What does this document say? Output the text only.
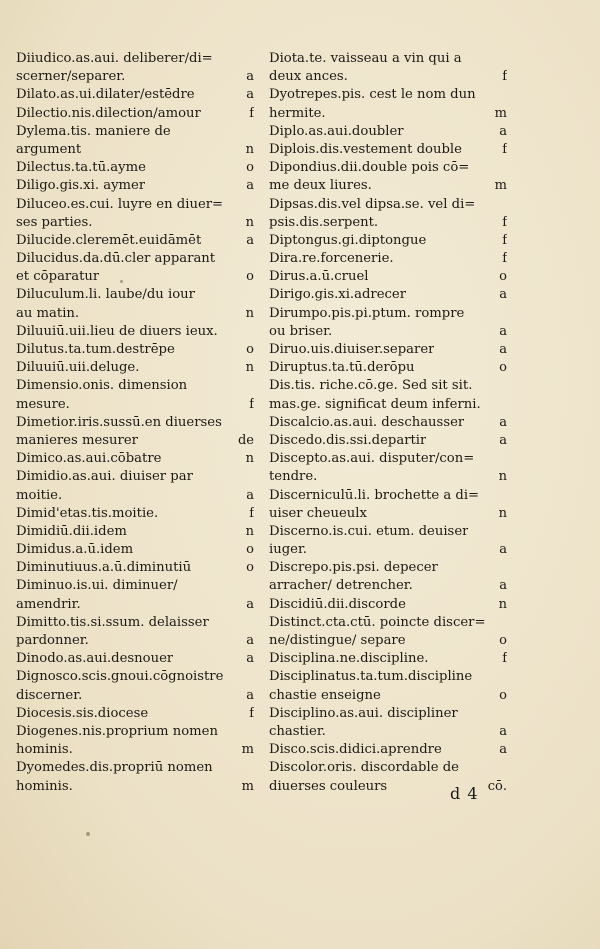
Diiudico.as.aui. deliberer/di=
scerner/separer.	a
Dilato.as.ui.dilater/estēdre	a
Dilectio.nis.dilection/amour	f
Dylema.tis. maniere de
argument	n
Dilectus.ta.tū.ayme	o
Diligo.gis.xi. aymer	a
Diluceo.es.cui. luyre en diuer=
ses parties.	n
Dilucide.cleremēt.euidāmēt	a
Dilucidus.da.dū.cler apparant
et cōparatur	o
Diluculum.li. laube/du iour
au matin.	n
Diluuiū.uii.lieu de diuers ieux.
Dilutus.ta.tum.destrēpe	o
Diluuiū.uii.deluge.	n
Dimensio.onis. dimension
mesure.	f
Dimetior.iris.sussū.en diuerses
manieres mesurer	de
Dimico.as.aui.cōbatre	n
Dimidio.as.aui. diuiser par
moitie.	a
Dimid'etas.tis.moitie.	f
Dimidiū.dii.idem	n
Dimidus.a.ū.idem	o
Diminutiuus.a.ū.diminutiū	o
Diminuo.is.ui. diminuer/
amendrir.	a
Dimitto.tis.si.ssum. delaisser
pardonner.	a
Dinodo.as.aui.desnouer	a
Dignosco.scis.gnoui.cōgnoistre
discerner.	a
Diocesis.sis.diocese	f
Diogenes.nis.proprium nomen
hominis.	m
Dyomedes.dis.propriū nomen
hominis.	m
Diota.te. vaisseau a vin qui a
deux ances.	f
Dyotrepes.pis. cest le nom dun
hermite.	m
Diplo.as.aui.doubler	a
Diplois.dis.vestement double	f
Dipondius.dii.double pois cō=
me deux liures.	m
Dipsas.dis.vel dipsa.se. vel di=
psis.dis.serpent.	f
Diptongus.gi.diptongue	f
Dira.re.forcenerie.	f
Dirus.a.ū.cruel	o
Dirigo.gis.xi.adrecer	a
Dirumpo.pis.pi.ptum. rompre
ou briser.	a
Diruo.uis.diuiser.separer	a
Diruptus.ta.tū.derōpu	o
Dis.tis. riche.cō.ge. Sed sit sit.
mas.ge. significat deum inferni.
Discalcio.as.aui. deschausser	a
Discedo.dis.ssi.departir	a
Discepto.as.aui. disputer/con=
tendre.	n
Discerniculū.li. brochette a di=
uiser cheueulx	n
Discerno.is.cui. etum. deuiser
iuger.	a
Discrepo.pis.psi. depecer
arracher/ detrencher.	a
Discidiū.dii.discorde	n
Distinct.cta.ctū. poincte discer=
ne/distingue/ separe	o
Disciplina.ne.discipline.	f
Disciplinatus.ta.tum.discipline
chastie enseigne	o
Disciplino.as.aui. discipliner
chastier.	a
Disco.scis.didici.aprendre	a
Discolor.oris. discordable de
diuerses couleurs	cō.
d 4
